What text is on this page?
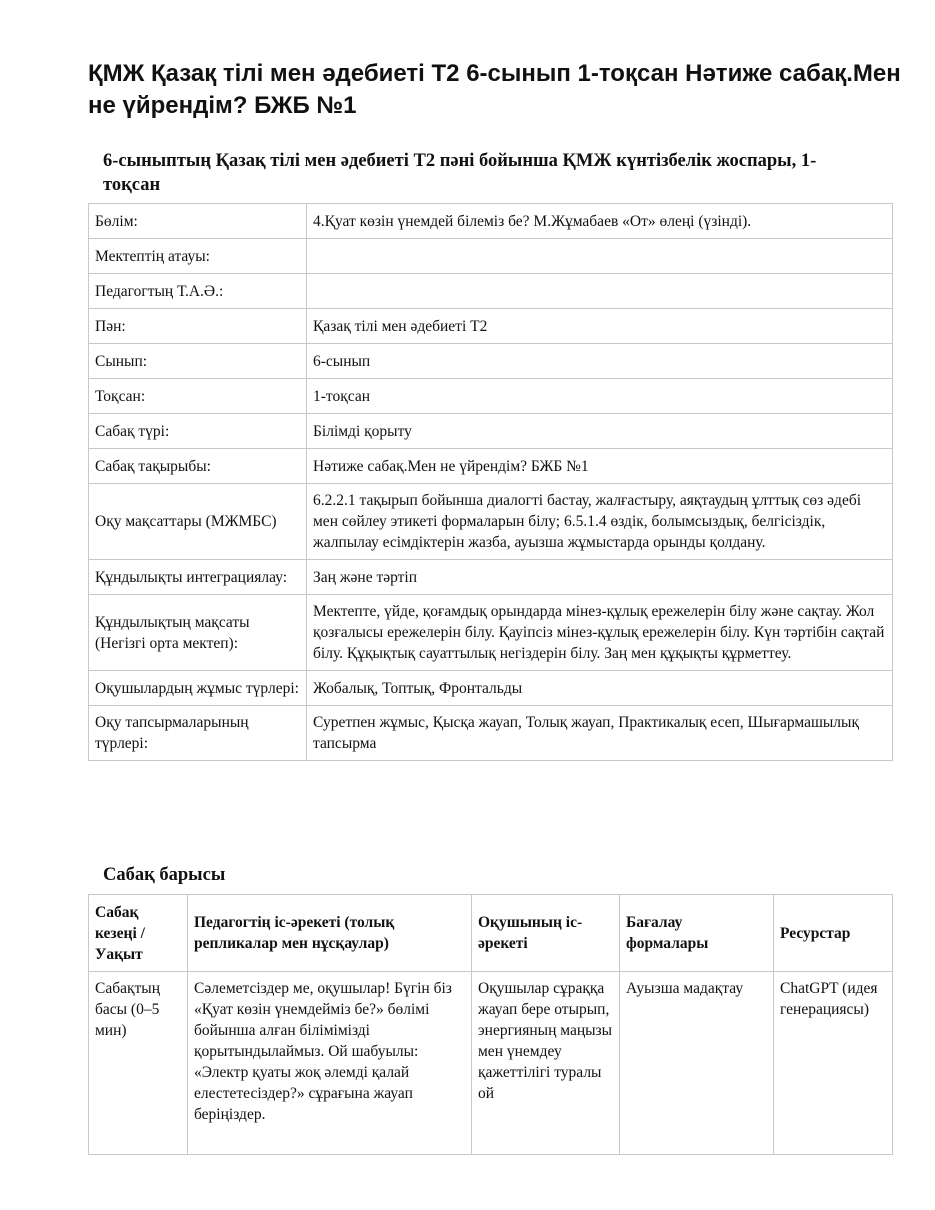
ҚМЖ Қазақ тілі мен әдебиеті Т2 6-сынып 1-тоқсан Нәтиже сабақ.Мен не үйрендім? БЖБ №1
6-сыныптың Қазақ тілі мен әдебиеті Т2 пәні бойынша ҚМЖ күнтізбелік жоспары, 1-тоқсан
Бөлім:	4.Қуат көзін үнемдей білеміз бе? М.Жұмабаев «От» өлеңі (үзінді).
Мектептің атауы:	
Педагогтың Т.А.Ә.:	
Пән:	Қазақ тілі мен әдебиеті Т2
Сынып:	6-сынып
Тоқсан:	1-тоқсан
Сабақ түрі:	Білімді қорыту
Сабақ тақырыбы:	Нәтиже сабақ.Мен не үйрендім? БЖБ №1
Оқу мақсаттары (МЖМБС)	6.2.2.1 тақырып бойынша диалогті бастау, жалғастыру, аяқтаудың ұлттық сөз әдебі мен сөйлеу этикеті формаларын білу; 6.5.1.4 өздік, болымсыздық, белгісіздік, жалпылау есімдіктерін жазба, ауызша жұмыстарда орынды қолдану.
Құндылықты интеграциялау:	Заң және тәртіп
Құндылықтың мақсаты (Негізгі орта мектеп):	Мектепте, үйде, қоғамдық орындарда мінез-құлық ережелерін білу және сақтау. Жол қозғалысы ережелерін білу. Қауіпсіз мінез-құлық ережелерін білу. Күн тәртібін сақтай білу. Құқықтық сауаттылық негіздерін білу. Заң мен құқықты құрметтеу.
Оқушылардың жұмыс түрлері:	Жобалық, Топтық, Фронтальды
Оқу тапсырмаларының түрлері:	Суретпен жұмыс, Қысқа жауап, Толық жауап, Практикалық есеп, Шығармашылық тапсырма
Сабақ барысы
Сабақ кезеңі / Уақыт	Педагогтің іс-әрекеті (толық репликалар мен нұсқаулар)	Оқушының іс-әрекеті	Бағалау формалары	Ресурстар
Сабақтың басы (0–5 мин)	Сәлеметсіздер ме, оқушылар! Бүгін біз «Қуат көзін үнемдейміз бе?» бөлімі бойынша алған білімімізді қорытындылаймыз. Ой шабуылы: «Электр қуаты жоқ әлемді қалай елестетесіздер?» сұрағына жауап беріңіздер.	Оқушылар сұраққа жауап бере отырып, энергияның маңызы мен үнемдеу қажеттілігі туралы ой	Ауызша мадақтау	ChatGPT (идея генерациясы)
